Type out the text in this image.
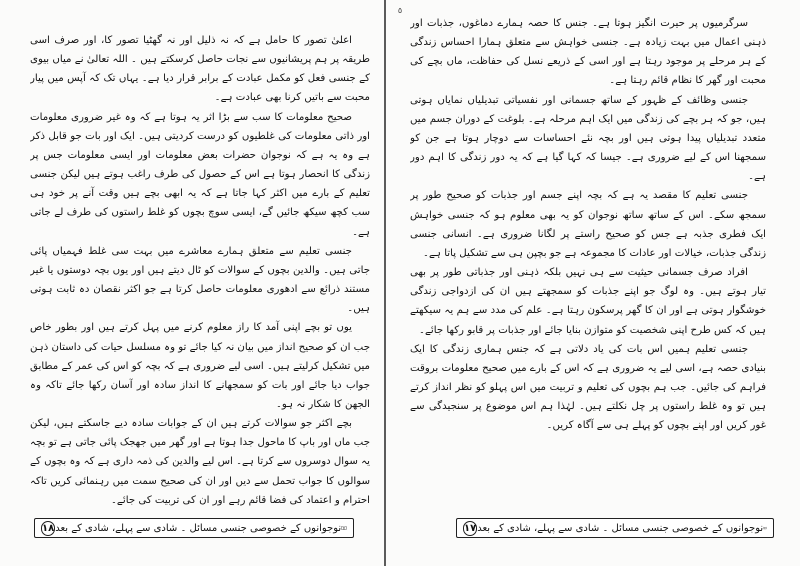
اعلیٰ تصور کا حامل ہے کہ نہ ذلیل اور نہ گھٹیا تصور کا، اور صرف اسی طریقہ پر ہم پریشانیوں سے نجات حاصل کرسکتے ہیں ۔ اللہ تعالیٰ نے میاں بیوی کے جنسی فعل کو مکمل عبادت کے برابر قرار دیا ہے۔ یہاں تک کہ آپس میں پیار محبت سے باتیں کرنا بھی عبادت ہے۔

صحیح معلومات کا سب سے بڑا اثر یہ ہوتا ہے کہ وہ غیر ضروری معلومات اور ذاتی معلومات کی غلطیوں کو درست کردیتی ہیں۔ ایک اور بات جو قابل ذکر ہے وہ یہ ہے کہ نوجوان حضرات بعض معلومات اور ایسی معلومات جس پر زندگی کا انحصار ہوتا ہے اس کے حصول کی طرف راغب ہوتے ہیں لیکن جنسی تعلیم کے بارے میں اکثر کہا جاتا ہے کہ یہ ابھی بچے ہیں وقت آنے پر خود ہی سب کچھ سیکھ جائیں گے، ایسی سوچ بچوں کو غلط راستوں کی طرف لے جاتی ہے۔

جنسی تعلیم سے متعلق ہمارے معاشرے میں بہت سی غلط فہمیاں پائی جاتی ہیں۔ والدین بچوں کے سوالات کو ٹال دیتے ہیں اور یوں بچہ دوستوں یا غیر مستند ذرائع سے ادھوری معلومات حاصل کرتا ہے جو اکثر نقصان دہ ثابت ہوتی ہیں۔

یوں تو بچے اپنی آمد کا راز معلوم کرنے میں پہل کرتے ہیں اور بطور خاص جب ان کو صحیح انداز میں بیان نہ کیا جائے تو وہ مسلسل حیات کی داستان ذہن میں تشکیل کرلیتے ہیں۔ اسی لیے ضروری ہے کہ بچہ کو اس کی عمر کے مطابق جواب دیا جائے اور بات کو سمجھانے کا انداز سادہ اور آسان رکھا جائے تاکہ وہ الجھن کا شکار نہ ہو۔

بچے اکثر جو سوالات کرتے ہیں ان کے جوابات سادہ دیے جاسکتے ہیں، لیکن جب ماں اور باپ کا ماحول جدا ہوتا ہے اور گھر میں جھجک پائی جاتی ہے تو بچہ یہ سوال دوسروں سے کرتا ہے۔ اس لیے والدین کی ذمہ داری ہے کہ وہ بچوں کے سوالوں کا جواب تحمل سے دیں اور ان کی صحیح سمت میں رہنمائی کریں تاکہ احترام و اعتماد کی فضا قائم رہے اور ان کی تربیت کی جائے۔

١٨ نوجوانوں کے خصوصی جنسی مسائل ۔ شادی سے پہلے، شادی کے بعد
٥

سرگرمیوں پر حیرت انگیز ہوتا ہے۔ جنس کا حصہ ہمارے دماغوں، جذبات اور ذہنی اعمال میں بہت زیادہ ہے۔ جنسی خواہش سے متعلق ہمارا احساس زندگی کے ہر مرحلے پر موجود رہتا ہے اور اسی کے ذریعے نسل کی حفاظت، ماں بچے کی محبت اور گھر کا نظام قائم رہتا ہے۔

جنسی وظائف کے ظہور کے ساتھ جسمانی اور نفسیاتی تبدیلیاں نمایاں ہوتی ہیں، جو کہ ہر بچے کی زندگی میں ایک اہم مرحلہ ہے۔ بلوغت کے دوران جسم میں متعدد تبدیلیاں پیدا ہوتی ہیں اور بچہ نئے احساسات سے دوچار ہوتا ہے جن کو سمجھنا اس کے لیے ضروری ہے۔ جیسا کہ کہا گیا ہے کہ یہ دور زندگی کا اہم دور ہے۔

جنسی تعلیم کا مقصد یہ ہے کہ بچہ اپنے جسم اور جذبات کو صحیح طور پر سمجھ سکے۔ اس کے ساتھ ساتھ نوجوان کو یہ بھی معلوم ہو کہ جنسی خواہش ایک فطری جذبہ ہے جس کو صحیح راستے پر لگانا ضروری ہے۔ انسانی جنسی زندگی جذبات، خیالات اور عادات کا مجموعہ ہے جو بچپن ہی سے تشکیل پاتا ہے۔

افراد صرف جسمانی حیثیت سے ہی نہیں بلکہ ذہنی اور جذباتی طور پر بھی تیار ہوتے ہیں۔ وہ لوگ جو اپنے جذبات کو سمجھتے ہیں ان کی ازدواجی زندگی خوشگوار ہوتی ہے اور ان کا گھر پرسکون رہتا ہے۔ علم کی مدد سے ہم یہ سیکھتے ہیں کہ کس طرح اپنی شخصیت کو متوازن بنایا جائے اور جذبات پر قابو رکھا جائے۔

جنسی تعلیم ہمیں اس بات کی یاد دلاتی ہے کہ جنس ہماری زندگی کا ایک بنیادی حصہ ہے، اسی لیے یہ ضروری ہے کہ اس کے بارے میں صحیح معلومات بروقت فراہم کی جائیں۔ جب ہم بچوں کی تعلیم و تربیت میں اس پہلو کو نظر انداز کرتے ہیں تو وہ غلط راستوں پر چل نکلتے ہیں۔ لہٰذا ہم اس موضوع پر سنجیدگی سے غور کریں اور اپنے بچوں کو پہلے ہی سے آگاہ کریں۔

١٧ نوجوانوں کے خصوصی جنسی مسائل ۔ شادی سے پہلے، شادی کے بعد
